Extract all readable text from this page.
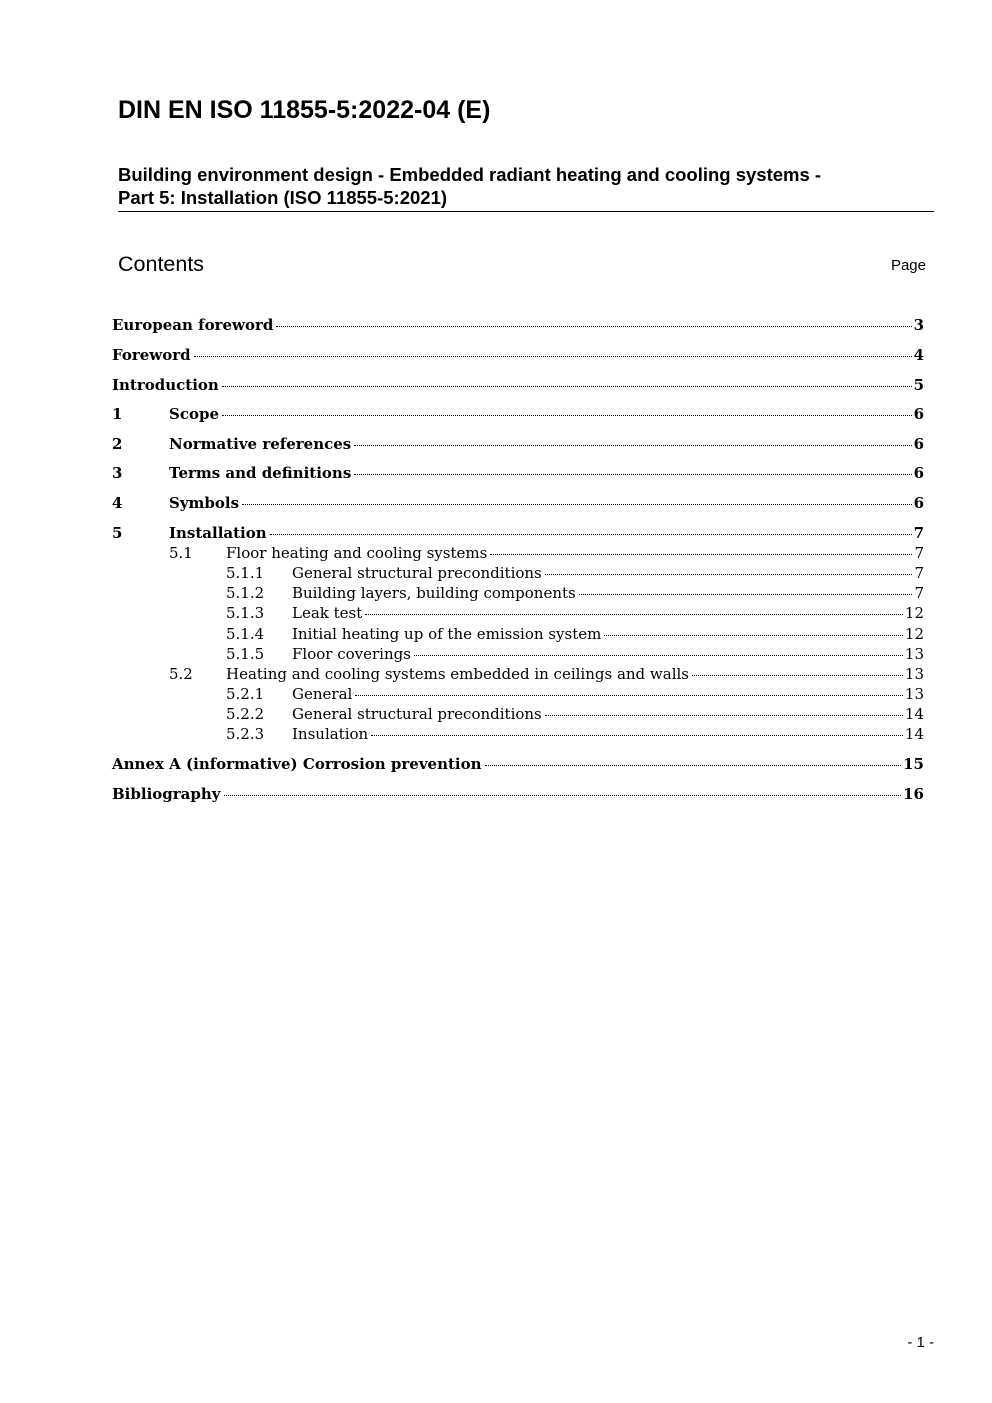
DIN EN ISO 11855-5:2022-04 (E)
Building environment design - Embedded radiant heating and cooling systems -
Part 5: Installation (ISO 11855-5:2021)
Contents	Page
European foreword	3
Foreword	4
Introduction	5
1	Scope	6
2	Normative references	6
3	Terms and definitions	6
4	Symbols	6
5	Installation	7
5.1	Floor heating and cooling systems	7
5.1.1	General structural preconditions	7
5.1.2	Building layers, building components	7
5.1.3	Leak test	12
5.1.4	Initial heating up of the emission system	12
5.1.5	Floor coverings	13
5.2	Heating and cooling systems embedded in ceilings and walls	13
5.2.1	General	13
5.2.2	General structural preconditions	14
5.2.3	Insulation	14
Annex A (informative) Corrosion prevention	15
Bibliography	16
- 1 -
